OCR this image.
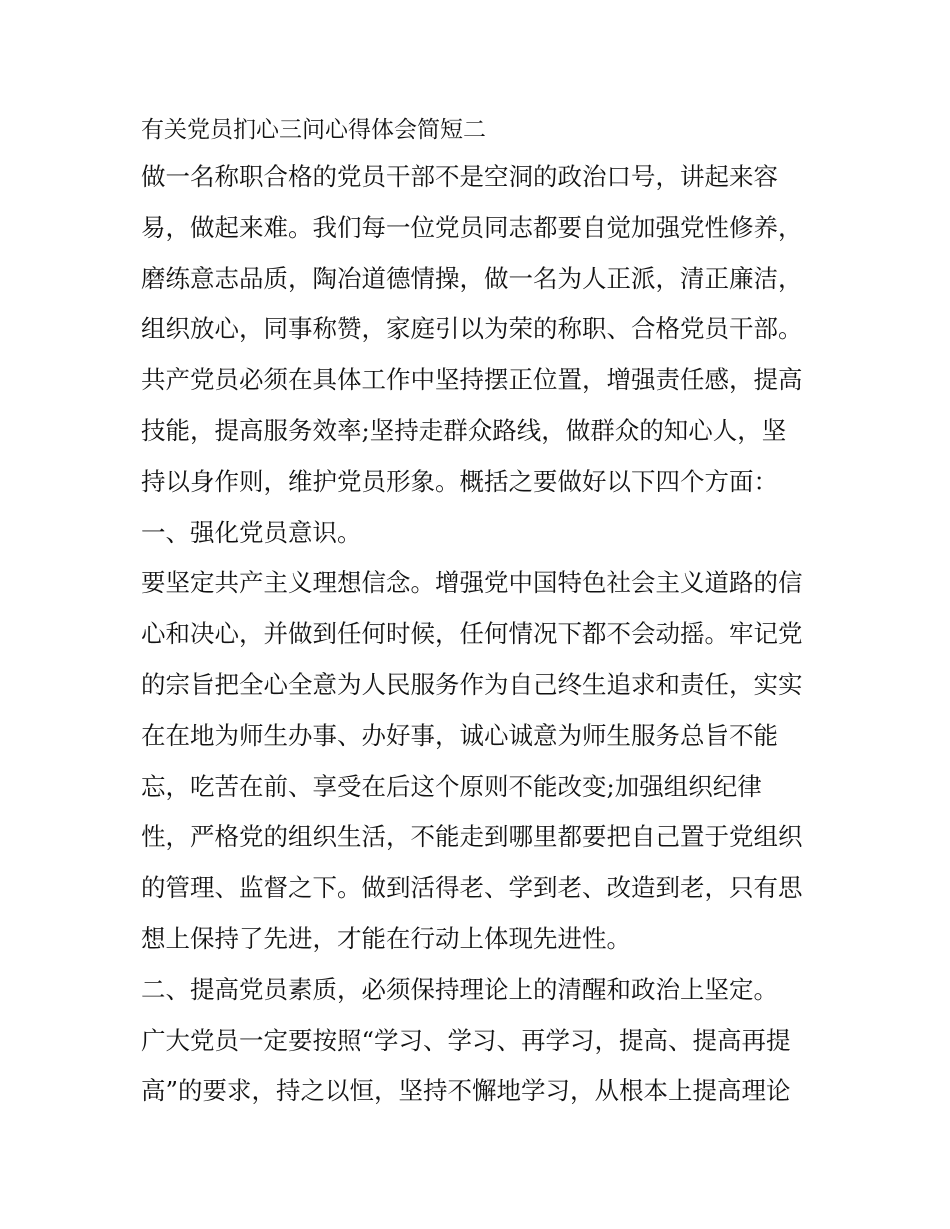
有关党员扪心三问心得体会简短二
做一名称职合格的党员干部不是空洞的政治口号，讲起来容
易，做起来难。我们每一位党员同志都要自觉加强党性修养，
磨练意志品质，陶冶道德情操，做一名为人正派，清正廉洁，
组织放心，同事称赞，家庭引以为荣的称职、合格党员干部。
共产党员必须在具体工作中坚持摆正位置，增强责任感，提高
技能，提高服务效率;坚持走群众路线，做群众的知心人，坚
持以身作则，维护党员形象。概括之要做好以下四个方面：
一、强化党员意识。
要坚定共产主义理想信念。增强党中国特色社会主义道路的信
心和决心，并做到任何时候，任何情况下都不会动摇。牢记党
的宗旨把全心全意为人民服务作为自己终生追求和责任，实实
在在地为师生办事、办好事，诚心诚意为师生服务总旨不能
忘，吃苦在前、享受在后这个原则不能改变;加强组织纪律
性，严格党的组织生活，不能走到哪里都要把自己置于党组织
的管理、监督之下。做到活得老、学到老、改造到老，只有思
想上保持了先进，才能在行动上体现先进性。
二、提高党员素质，必须保持理论上的清醒和政治上坚定。
广大党员一定要按照“学习、学习、再学习，提高、提高再提
高”的要求，持之以恒，坚持不懈地学习，从根本上提高理论
